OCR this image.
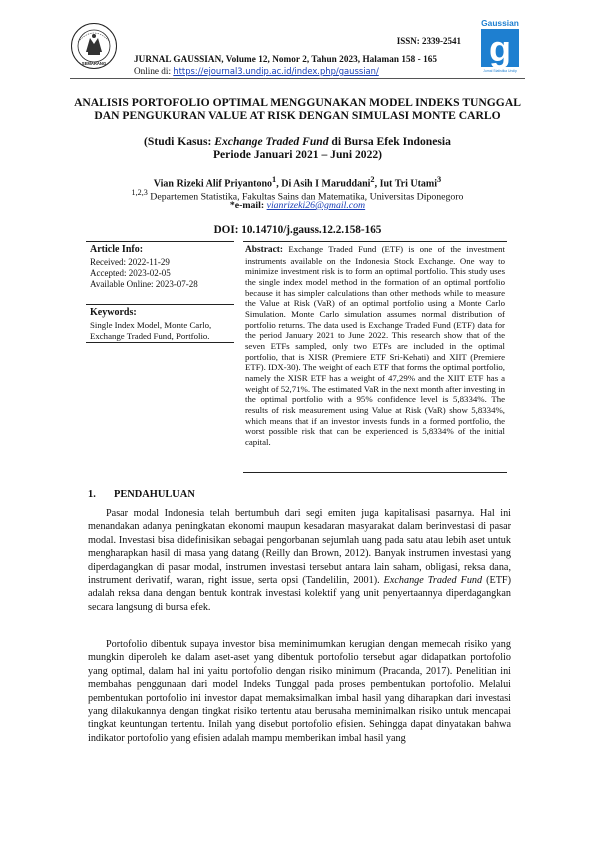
SEMARANG
ISSN: 2339-2541
JURNAL GAUSSIAN, Volume 12, Nomor 2, Tahun 2023, Halaman 158 - 165
Online di: https://ejournal3.undip.ac.id/index.php/gaussian/
Gaussian
g
Jurnal Statistika Undip
ANALISIS PORTOFOLIO OPTIMAL MENGGUNAKAN MODEL INDEKS TUNGGAL DAN PENGUKURAN VALUE AT RISK DENGAN SIMULASI MONTE CARLO
(Studi Kasus: Exchange Traded Fund di Bursa Efek Indonesia
Periode Januari 2021 – Juni 2022)
Vian Rizeki Alif Priyantono$^1$, Di Asih I Maruddani$^2$, Iut Tri Utami$^3$
$^{1,2,3}$ Departemen Statistika, Fakultas Sains dan Matematika, Universitas Diponegoro
*e-mail: vianrizeki26@gmail.com
DOI: 10.14710/j.gauss.12.2.158-165
Article Info:
Received: 2022-11-29
Accepted: 2023-02-05
Available Online: 2023-07-28
Keywords:
Single Index Model, Monte Carlo, Exchange Traded Fund, Portfolio.
Abstract: Exchange Traded Fund (ETF) is one of the investment instruments available on the Indonesia Stock Exchange. One way to minimize investment risk is to form an optimal portfolio. This study uses the single index model method in the formation of an optimal portfolio because it has simpler calculations than other methods while to measure the Value at Risk (VaR) of an optimal portfolio using a Monte Carlo Simulation. Monte Carlo simulation assumes normal distribution of portfolio returns. The data used is Exchange Traded Fund (ETF) data for the period January 2021 to June 2022. This research show that of the seven ETFs sampled, only two ETFs are included in the optimal portfolio, that is XISR (Premiere ETF Sri-Kehati) and XIIT (Premiere ETF). IDX-30). The weight of each ETF that forms the optimal portfolio, namely the XISR ETF has a weight of 47,29% and the XIIT ETF has a weight of 52,71%. The estimated VaR in the next month after investing in the optimal portfolio with a 95% confidence level is 5,8334%. The results of risk measurement using Value at Risk (VaR) show 5,8334%, which means that if an investor invests funds in a formed portfolio, the worst possible risk that can be experienced is 5,8334% of the initial capital.
1. PENDAHULUAN
Pasar modal Indonesia telah bertumbuh dari segi emiten juga kapitalisasi pasarnya. Hal ini menandakan adanya peningkatan ekonomi maupun kesadaran masyarakat dalam berinvestasi di pasar modal. Investasi bisa didefinisikan sebagai pengorbanan sejumlah uang pada satu atau lebih aset untuk mengharapkan hasil di masa yang datang (Reilly dan Brown, 2012). Banyak instrumen investasi yang diperdagangkan di pasar modal, instrumen investasi tersebut antara lain saham, obligasi, reksa dana, instrument derivatif, waran, right issue, serta opsi (Tandelilin, 2001). Exchange Traded Fund (ETF) adalah reksa dana dengan bentuk kontrak investasi kolektif yang unit penyertaannya diperdagangkan secara langsung di bursa efek.
Portofolio dibentuk supaya investor bisa meminimumkan kerugian dengan memecah risiko yang mungkin diperoleh ke dalam aset-aset yang dibentuk portofolio tersebut agar didapatkan portofolio yang optimal, dalam hal ini yaitu portofolio dengan risiko minimum (Pracanda, 2017). Penelitian ini membahas penggunaan dari model Indeks Tunggal pada proses pembentukan portofolio. Melalui pembentukan portofolio ini investor dapat memaksimalkan imbal hasil yang diharapkan dari investasi yang dilakukannya dengan tingkat risiko tertentu atau berusaha meminimalkan risiko untuk mencapai tingkat keuntungan tertentu. Inilah yang disebut portofolio efisien. Sehingga dapat dinyatakan bahwa indikator portofolio yang efisien adalah mampu memberikan imbal hasil yang
